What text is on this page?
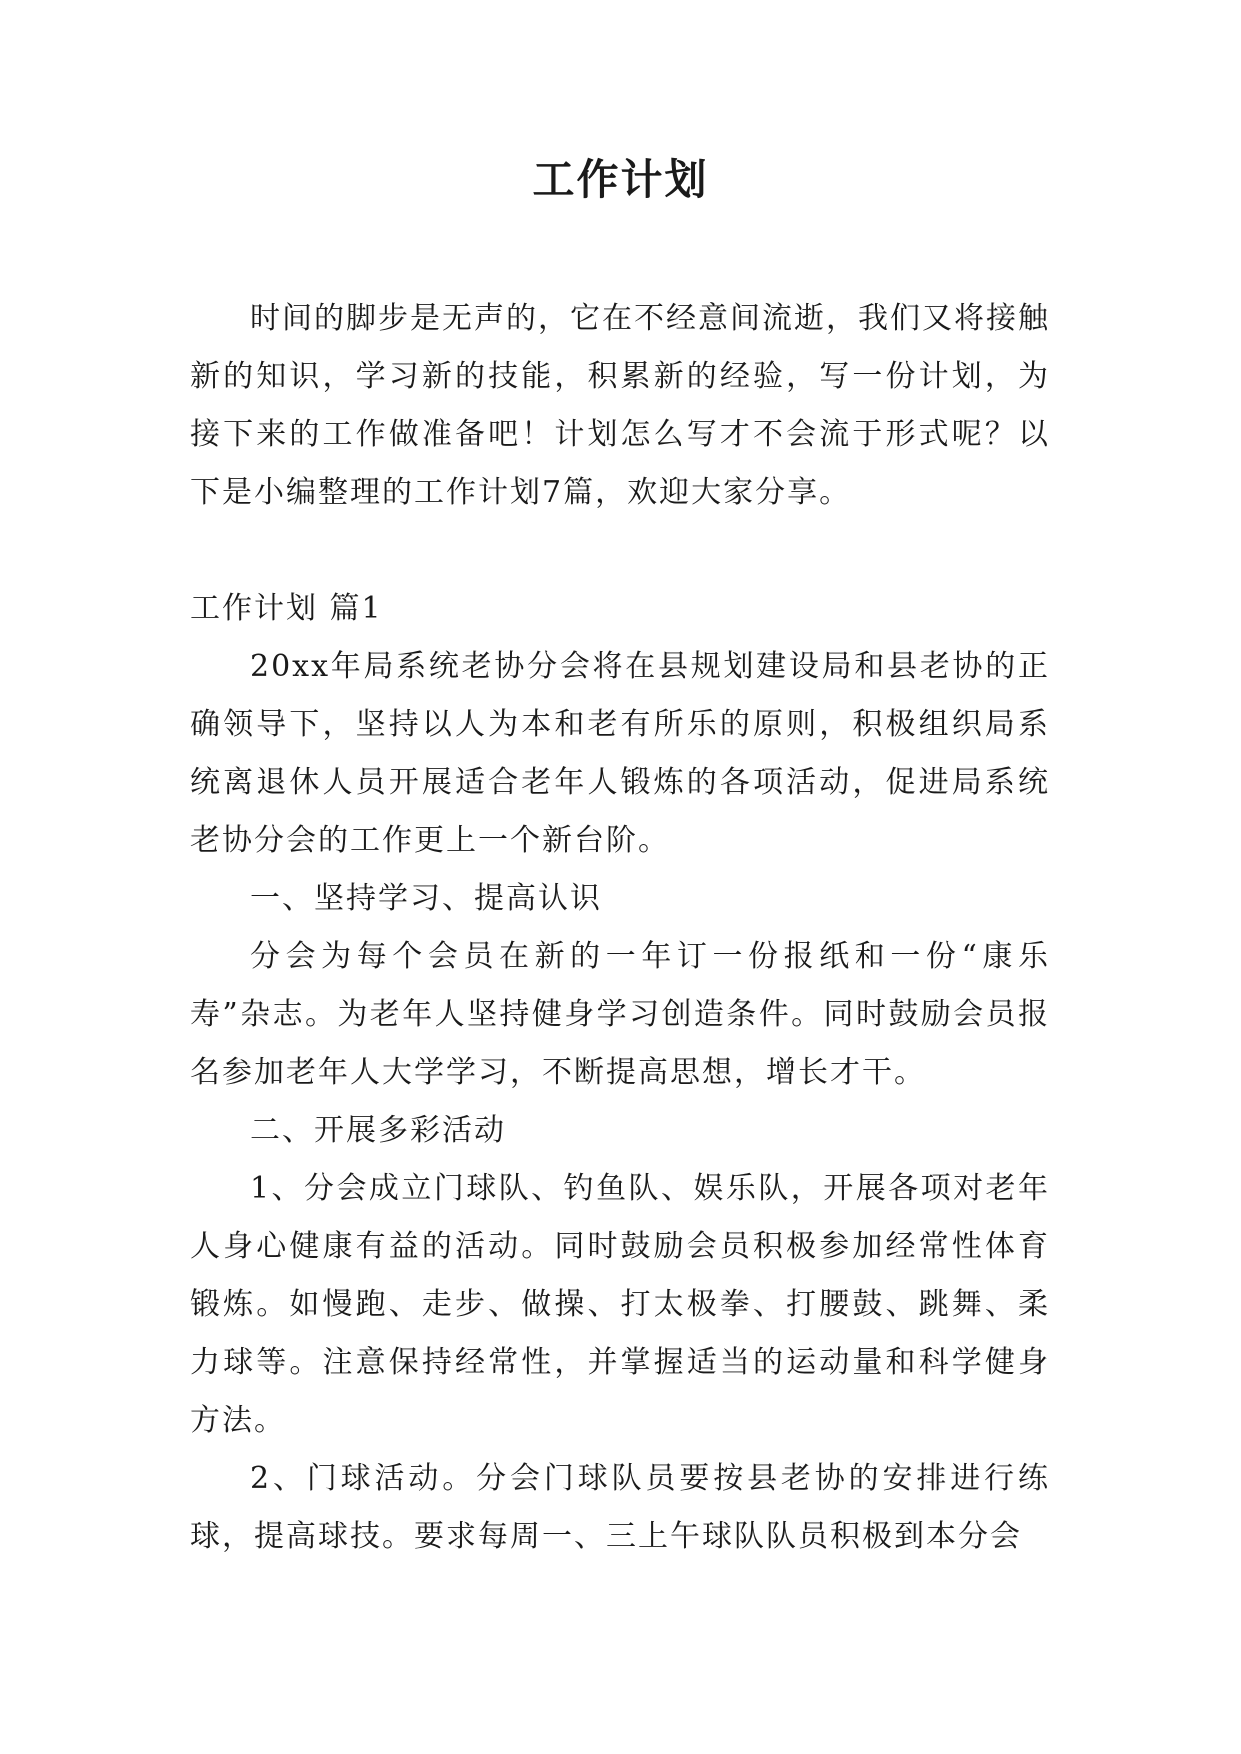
工作计划

时间的脚步是无声的，它在不经意间流逝，我们又将接触新的知识，学习新的技能，积累新的经验，写一份计划，为接下来的工作做准备吧！计划怎么写才不会流于形式呢？以下是小编整理的工作计划7篇，欢迎大家分享。

工作计划 篇1

20xx年局系统老协分会将在县规划建设局和县老协的正确领导下，坚持以人为本和老有所乐的原则，积极组织局系统离退休人员开展适合老年人锻炼的各项活动，促进局系统老协分会的工作更上一个新台阶。

一、坚持学习、提高认识

分会为每个会员在新的一年订一份报纸和一份“康乐寿”杂志。为老年人坚持健身学习创造条件。同时鼓励会员报名参加老年人大学学习，不断提高思想，增长才干。

二、开展多彩活动

1、分会成立门球队、钓鱼队、娱乐队，开展各项对老年人身心健康有益的活动。同时鼓励会员积极参加经常性体育锻炼。如慢跑、走步、做操、打太极拳、打腰鼓、跳舞、柔力球等。注意保持经常性，并掌握适当的运动量和科学健身方法。

2、门球活动。分会门球队员要按县老协的安排进行练球，提高球技。要求每周一、三上午球队队员积极到本分会
